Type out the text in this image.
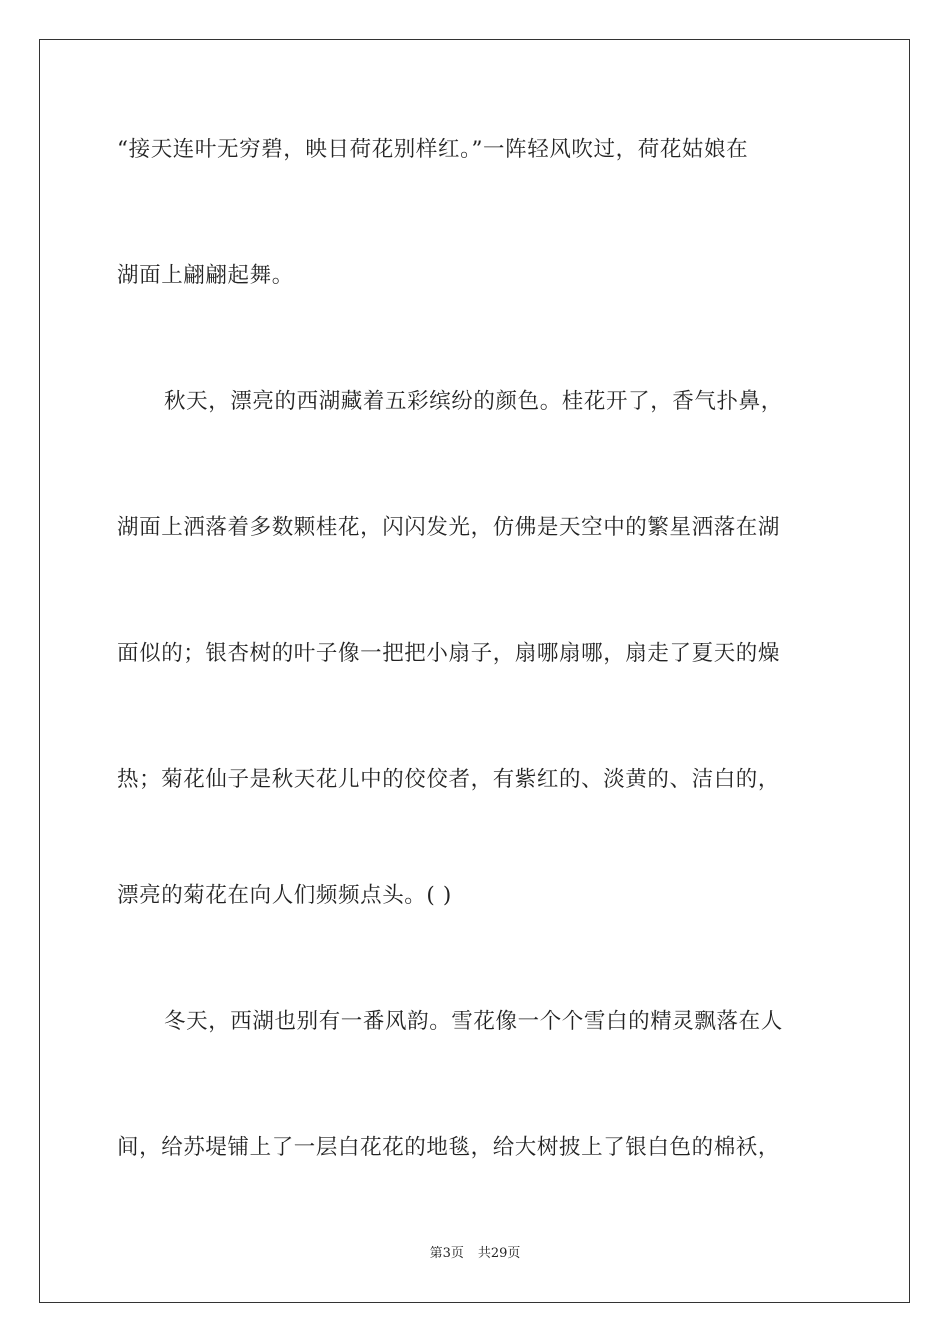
“接天连叶无穷碧，映日荷花别样红。”一阵轻风吹过，荷花姑娘在
湖面上翩翩起舞。
秋天，漂亮的西湖藏着五彩缤纷的颜色。桂花开了，香气扑鼻，
湖面上洒落着多数颗桂花，闪闪发光，仿佛是天空中的繁星洒落在湖
面似的；银杏树的叶子像一把把小扇子，扇哪扇哪，扇走了夏天的燥
热；菊花仙子是秋天花儿中的佼佼者，有紫红的、淡黄的、洁白的，
漂亮的菊花在向人们频频点头。( )
冬天，西湖也别有一番风韵。雪花像一个个雪白的精灵飘落在人
间，给苏堤铺上了一层白花花的地毯，给大树披上了银白色的棉袄，
第3页 共29页
